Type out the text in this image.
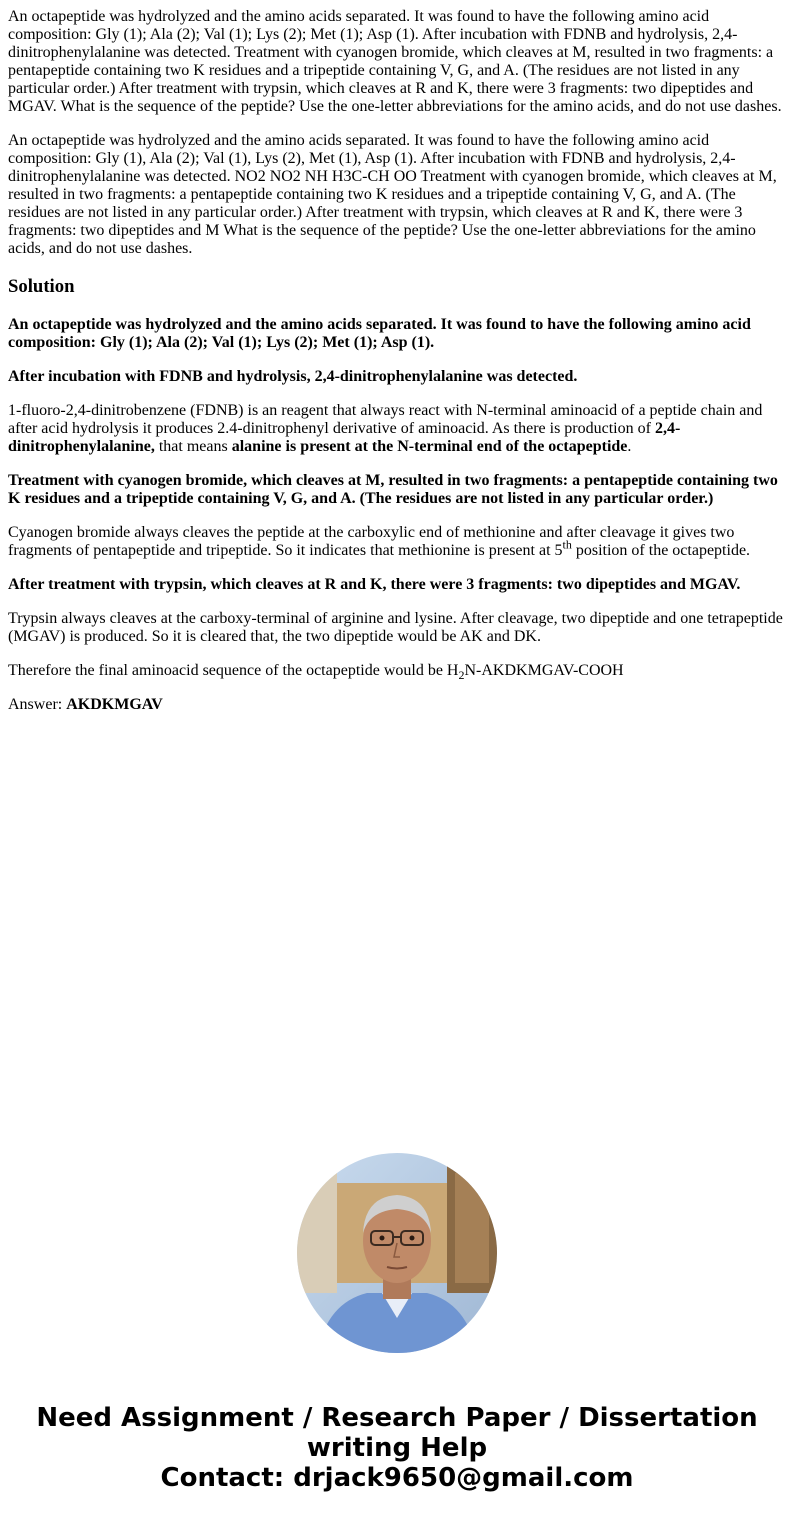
An octapeptide was hydrolyzed and the amino acids separated. It was found to have the following amino acid composition: Gly (1); Ala (2); Val (1); Lys (2); Met (1); Asp (1). After incubation with FDNB and hydrolysis, 2,4-dinitrophenylalanine was detected. Treatment with cyanogen bromide, which cleaves at M, resulted in two fragments: a pentapeptide containing two K residues and a tripeptide containing V, G, and A. (The residues are not listed in any particular order.) After treatment with trypsin, which cleaves at R and K, there were 3 fragments: two dipeptides and MGAV. What is the sequence of the peptide? Use the one-letter abbreviations for the amino acids, and do not use dashes.

An octapeptide was hydrolyzed and the amino acids separated. It was found to have the following amino acid composition: Gly (1), Ala (2); Val (1), Lys (2), Met (1), Asp (1). After incubation with FDNB and hydrolysis, 2,4-dinitrophenylalanine was detected. NO2 NO2 NH H3C-CH OO Treatment with cyanogen bromide, which cleaves at M, resulted in two fragments: a pentapeptide containing two K residues and a tripeptide containing V, G, and A. (The residues are not listed in any particular order.) After treatment with trypsin, which cleaves at R and K, there were 3 fragments: two dipeptides and M What is the sequence of the peptide? Use the one-letter abbreviations for the amino acids, and do not use dashes.

Solution

An octapeptide was hydrolyzed and the amino acids separated. It was found to have the following amino acid composition: Gly (1); Ala (2); Val (1); Lys (2); Met (1); Asp (1).

After incubation with FDNB and hydrolysis, 2,4-dinitrophenylalanine was detected.

1-fluoro-2,4-dinitrobenzene (FDNB) is an reagent that always react with N-terminal aminoacid of a peptide chain and after acid hydrolysis it produces 2.4-dinitrophenyl derivative of aminoacid. As there is production of 2,4-dinitrophenylalanine, that means alanine is present at the N-terminal end of the octapeptide.

Treatment with cyanogen bromide, which cleaves at M, resulted in two fragments: a pentapeptide containing two K residues and a tripeptide containing V, G, and A. (The residues are not listed in any particular order.)

Cyanogen bromide always cleaves the peptide at the carboxylic end of methionine and after cleavage it gives two fragments of pentapeptide and tripeptide. So it indicates that methionine is present at 5th position of the octapeptide.

After treatment with trypsin, which cleaves at R and K, there were 3 fragments: two dipeptides and MGAV.

Trypsin always cleaves at the carboxy-terminal of arginine and lysine. After cleavage, two dipeptide and one tetrapeptide (MGAV) is produced. So it is cleared that, the two dipeptide would be AK and DK.

Therefore the final aminoacid sequence of the octapeptide would be $H_2N-AKDKMGAV$-COOH

Answer: AKDKMGAV

Need Assignment / Research Paper / Dissertation
writing Help
Contact: drjack9650@gmail.com
